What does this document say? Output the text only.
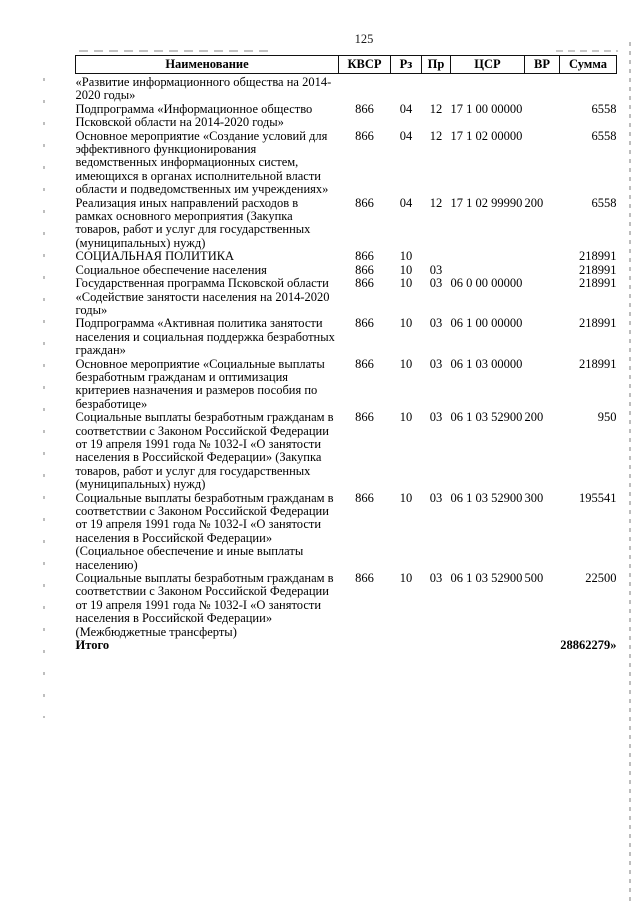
125
Наименование	КВСР	Рз	Пр	ЦСР	ВР	Сумма
«Развитие информационного общества на 2014-2020 годы»						
Подпрограмма «Информационное общество Псковской области на 2014-2020 годы»	866	04	12	17 1 00 00000		6558
Основное мероприятие «Создание условий для эффективного функционирования ведомственных информационных систем, имеющихся в органах исполнительной власти области и подведомственных им учреждениях»	866	04	12	17 1 02 00000		6558
Реализация иных направлений расходов в рамках основного мероприятия (Закупка товаров, работ и услуг для государственных (муниципальных) нужд)	866	04	12	17 1 02 99990	200	6558
СОЦИАЛЬНАЯ ПОЛИТИКА	866	10				218991
Социальное обеспечение населения	866	10	03			218991
Государственная программа Псковской области «Содействие занятости населения на 2014-2020 годы»	866	10	03	06 0 00 00000		218991
Подпрограмма «Активная политика занятости населения и социальная поддержка безработных граждан»	866	10	03	06 1 00 00000		218991
Основное мероприятие «Социальные выплаты безработным гражданам и оптимизация критериев назначения и размеров пособия по безработице»	866	10	03	06 1 03 00000		218991
Социальные выплаты безработным гражданам в соответствии с Законом Российской Федерации от 19 апреля 1991 года № 1032-I «О занятости населения в Российской Федерации» (Закупка товаров, работ и услуг для государственных (муниципальных) нужд)	866	10	03	06 1 03 52900	200	950
Социальные выплаты безработным гражданам в соответствии с Законом Российской Федерации от 19 апреля 1991 года № 1032-I «О занятости населения в Российской Федерации» (Социальное обеспечение и иные выплаты населению)	866	10	03	06 1 03 52900	300	195541
Социальные выплаты безработным гражданам в соответствии с Законом Российской Федерации от 19 апреля 1991 года № 1032-I «О занятости населения в Российской Федерации» (Межбюджетные трансферты)	866	10	03	06 1 03 52900	500	22500
Итого						28862279»
